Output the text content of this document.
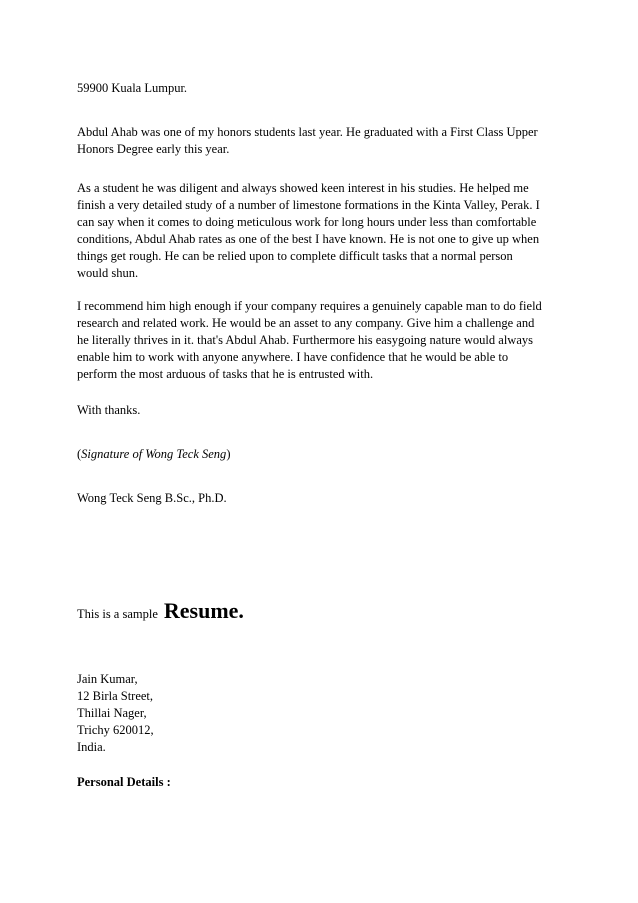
59900 Kuala Lumpur.

Abdul Ahab was one of my honors students last year. He graduated with a First Class Upper
Honors Degree early this year.

As a student he was diligent and always showed keen interest in his studies. He helped me
finish a very detailed study of a number of limestone formations in the Kinta Valley, Perak. I
can say when it comes to doing meticulous work for long hours under less than comfortable
conditions, Abdul Ahab rates as one of the best I have known. He is not one to give up when
things get rough. He can be relied upon to complete difficult tasks that a normal person
would shun.

I recommend him high enough if your company requires a genuinely capable man to do field
research and related work. He would be an asset to any company. Give him a challenge and
he literally thrives in it. that's Abdul Ahab. Furthermore his easygoing nature would always
enable him to work with anyone anywhere. I have confidence that he would be able to
perform the most arduous of tasks that he is entrusted with.

With thanks.

(Signature of Wong Teck Seng)

Wong Teck Seng B.Sc., Ph.D.

This is a sample Resume.

Jain Kumar,
12 Birla Street,
Thillai Nager,
Trichy 620012,
India.

Personal Details :
